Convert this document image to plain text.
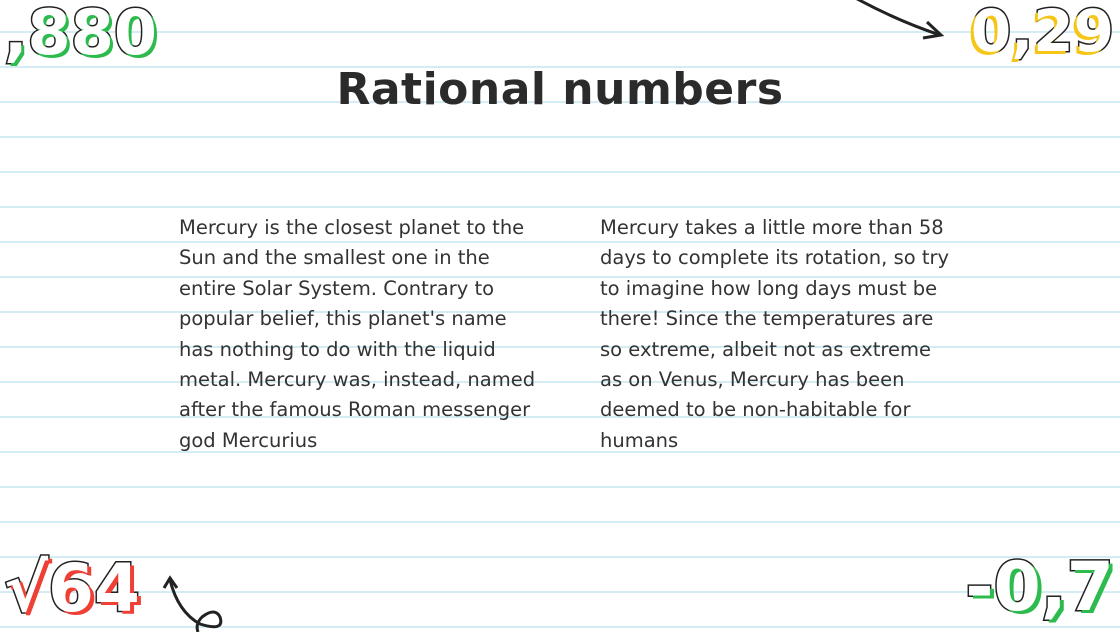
Rational numbers
Mercury is the closest planet to the Sun and the smallest one in the entire Solar System. Contrary to popular belief, this planet's name has nothing to do with the liquid metal. Mercury was, instead, named after the famous Roman messenger god Mercurius
Mercury takes a little more than 58 days to complete its rotation, so try to imagine how long days must be there! Since the temperatures are so extreme, albeit not as extreme as on Venus, Mercury has been deemed to be non-habitable for humans
,880	0,29
√64	-0,7
